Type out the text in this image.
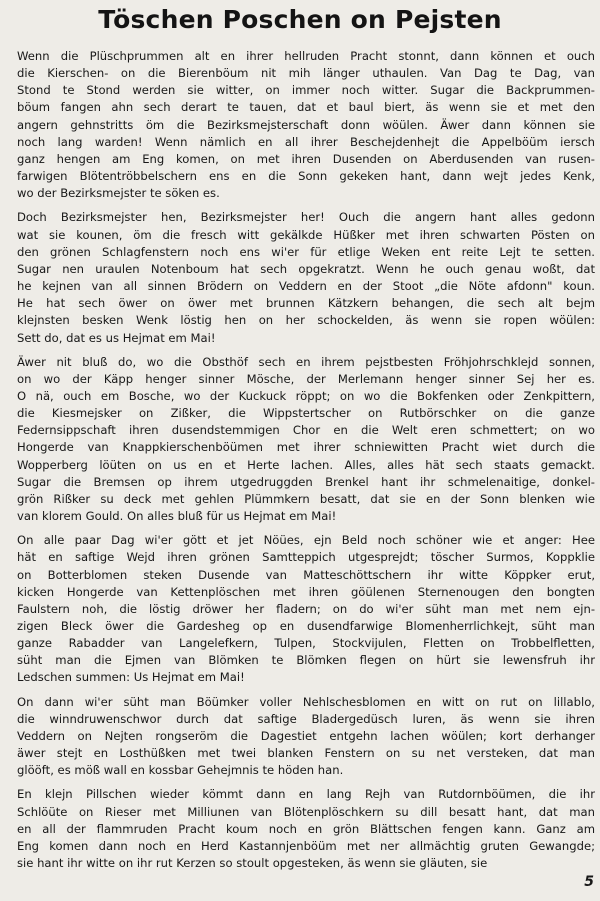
Töschen Poschen on Pejsten
Wenn die Plüschprummen alt en ihrer hellruden Pracht stonnt, dann können et ouch
die Kierschen- on die Bierenböum nit mih länger uthaulen. Van Dag te Dag, van
Stond te Stond werden sie witter, on immer noch witter. Sugar die Backprummen-
böum fangen ahn sech derart te tauen, dat et baul biert, äs wenn sie et met den
angern gehnstritts öm die Bezirksmejsterschaft donn wöülen. Äwer dann können sie
noch lang warden! Wenn nämlich en all ihrer Beschejdenhejt die Appelböüm iersch
ganz hengen am Eng komen, on met ihren Dusenden on Aberdusenden van rusen-
farwigen Blötentröbbelschern ens en die Sonn gekeken hant, dann wejt jedes Kenk,
wo der Bezirksmejster te söken es.
Doch Bezirksmejster hen, Bezirksmejster her! Ouch die angern hant alles gedonn
wat sie kounen, öm die fresch witt gekälkde Hüßker met ihren schwarten Pösten on
den grönen Schlagfenstern noch ens wi'er für etlige Weken ent reite Lejt te setten.
Sugar nen uraulen Notenboum hat sech opgekratzt. Wenn he ouch genau woßt, dat
he kejnen van all sinnen Brödern on Veddern en der Stoot „die Nöte afdonn" koun.
He hat sech öwer on öwer met brunnen Kätzkern behangen, die sech alt bejm
klejnsten besken Wenk löstig hen on her schockelden, äs wenn sie ropen wöülen:
Sett do, dat es us Hejmat em Mai!
Äwer nit bluß do, wo die Obsthöf sech en ihrem pejstbesten Fröhjohrschklejd sonnen,
on wo der Käpp henger sinner Mösche, der Merlemann henger sinner Sej her es.
O nä, ouch em Bosche, wo der Kuckuck röppt; on wo die Bokfenken oder Zenkpittern,
die Kiesmejsker on Zißker, die Wippstertscher on Rutbörschker on die ganze
Federnsippschaft ihren dusendstemmigen Chor en die Welt eren schmettert; on wo
Hongerde van Knappkierschenböümen met ihrer schniewitten Pracht wiet durch die
Wopperberg löüten on us en et Herte lachen. Alles, alles hät sech staats gemackt.
Sugar die Bremsen op ihrem utgedruggden Brenkel hant ihr schmelenaitige, donkel-
grön Rißker su deck met gehlen Plümmkern besatt, dat sie en der Sonn blenken wie
van klorem Gould. On alles bluß für us Hejmat em Mai!
On alle paar Dag wi'er gött et jet Nöües, ejn Beld noch schöner wie et anger: Hee
hät en saftige Wejd ihren grönen Samtteppich utgesprejdt; töscher Surmos, Koppklie
on Botterblomen steken Dusende van Matteschöttschern ihr witte Köppker erut,
kicken Hongerde van Kettenplöschen met ihren göülenen Sternenougen den bongten
Faulstern noh, die löstig dröwer her fladern; on do wi'er süht man met nem ejn-
zigen Bleck öwer die Gardesheg op en dusendfarwige Blomenherrlichkejt, süht man
ganze Rabadder van Langelefkern, Tulpen, Stockvijulen, Fletten on Trobbelfletten,
süht man die Ejmen van Blömken te Blömken flegen on hürt sie lewensfruh ihr
Ledschen summen: Us Hejmat em Mai!
On dann wi'er süht man Böümker voller Nehlschesblomen en witt on rut on lillablo,
die winndruwenschwor durch dat saftige Bladergedüsch luren, äs wenn sie ihren
Veddern on Nejten rongseröm die Dagestiet entgehn lachen wöülen; kort derhanger
äwer stejt en Losthüßken met twei blanken Fenstern on su net versteken, dat man
glööft, es möß wall en kossbar Gehejmnis te höden han.
En klejn Pillschen wieder kömmt dann en lang Rejh van Rutdornböümen, die ihr
Schlöüte on Rieser met Milliunen van Blötenplöschkern su dill besatt hant, dat man
en all der flammruden Pracht koum noch en grön Blättschen fengen kann. Ganz am
Eng komen dann noch en Herd Kastannjenböüm met ner allmächtig gruten Gewangde;
sie hant ihr witte on ihr rut Kerzen so stoult opgesteken, äs wenn sie gläuten, sie
5
